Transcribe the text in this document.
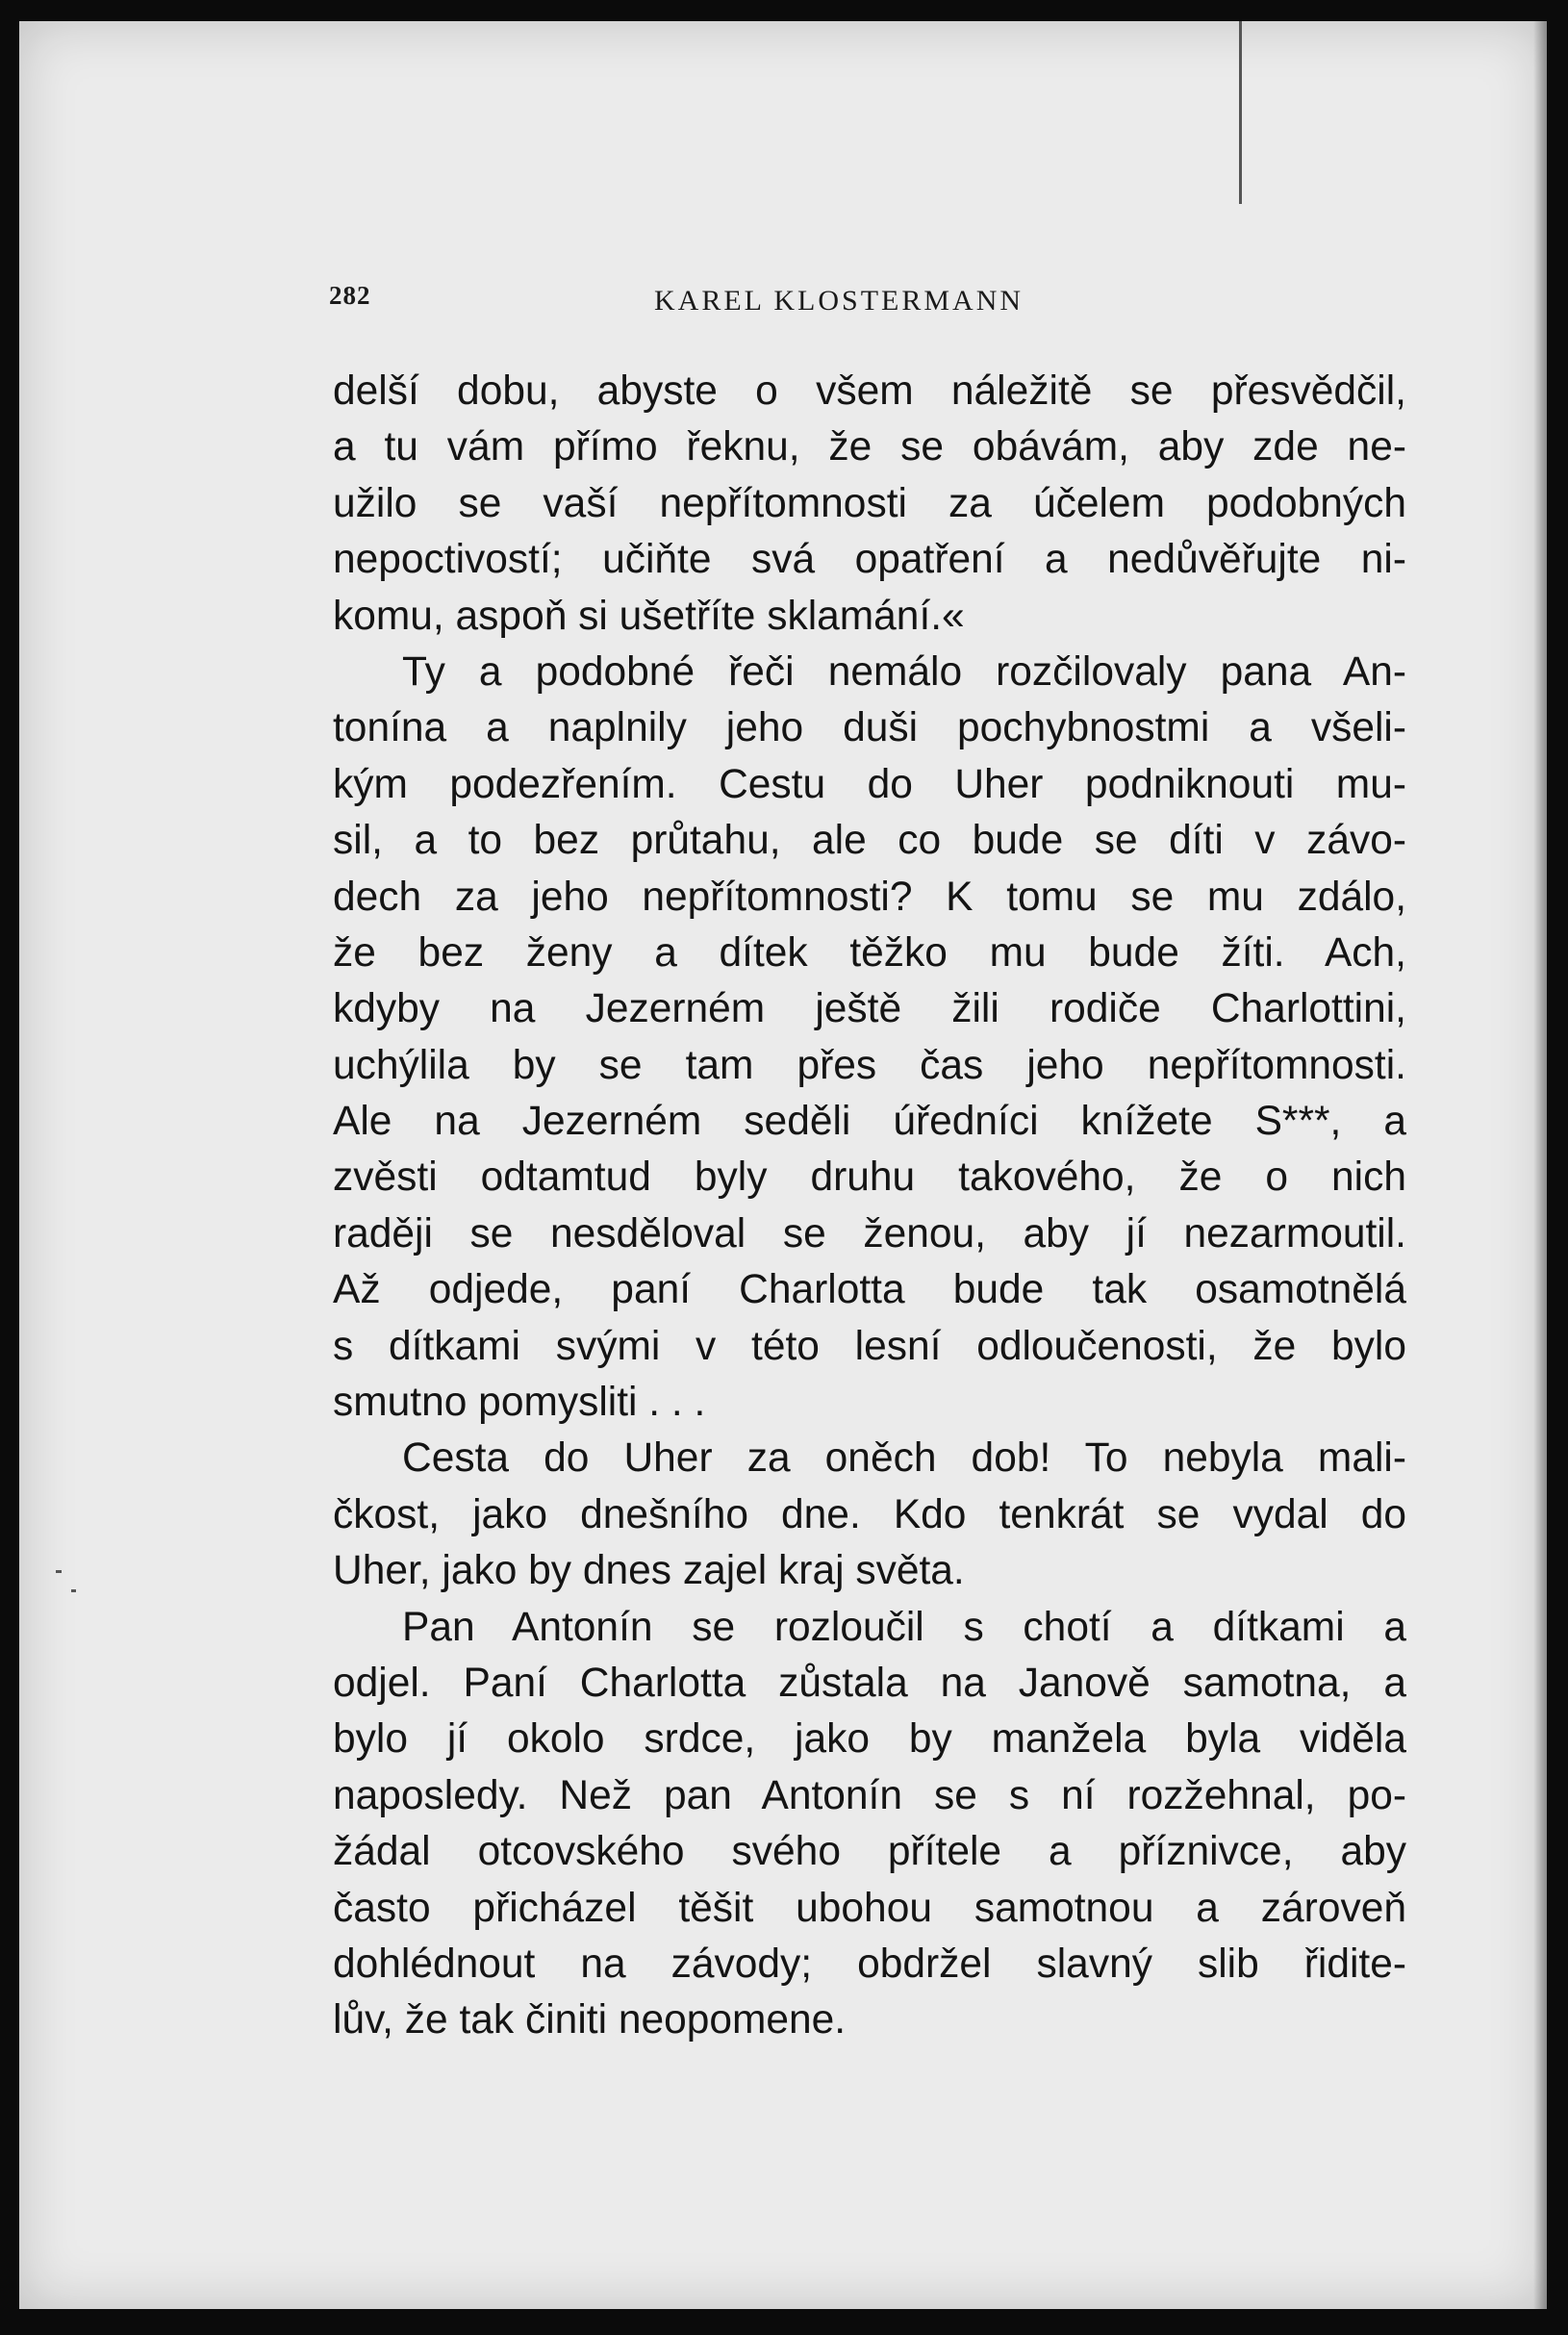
282	KAREL KLOSTERMANN
delší dobu, abyste o všem náležitě se přesvědčil,
a tu vám přímo řeknu, že se obávám, aby zde ne-
užilo se vaší nepřítomnosti za účelem podobných
nepoctivostí; učiňte svá opatření a nedůvěřujte ni-
komu, aspoň si ušetříte sklamání.«
Ty a podobné řeči nemálo rozčilovaly pana An-
tonína a naplnily jeho duši pochybnostmi a všeli-
kým podezřením. Cestu do Uher podniknouti mu-
sil, a to bez průtahu, ale co bude se díti v závo-
dech za jeho nepřítomnosti? K tomu se mu zdálo,
že bez ženy a dítek těžko mu bude žíti. Ach,
kdyby na Jezerném ještě žili rodiče Charlottini,
uchýlila by se tam přes čas jeho nepřítomnosti.
Ale na Jezerném seděli úředníci knížete S***, a
zvěsti odtamtud byly druhu takového, že o nich
raději se nesděloval se ženou, aby jí nezarmoutil.
Až odjede, paní Charlotta bude tak osamotnělá
s dítkami svými v této lesní odloučenosti, že bylo
smutno pomysliti . . .
Cesta do Uher za oněch dob! To nebyla mali-
čkost, jako dnešního dne. Kdo tenkrát se vydal do
Uher, jako by dnes zajel kraj světa.
Pan Antonín se rozloučil s chotí a dítkami a
odjel. Paní Charlotta zůstala na Janově samotna, a
bylo jí okolo srdce, jako by manžela byla viděla
naposledy. Než pan Antonín se s ní rozžehnal, po-
žádal otcovského svého přítele a příznivce, aby
často přicházel těšit ubohou samotnou a zároveň
dohlédnout na závody; obdržel slavný slib řidite-
lův, že tak činiti neopomene.
